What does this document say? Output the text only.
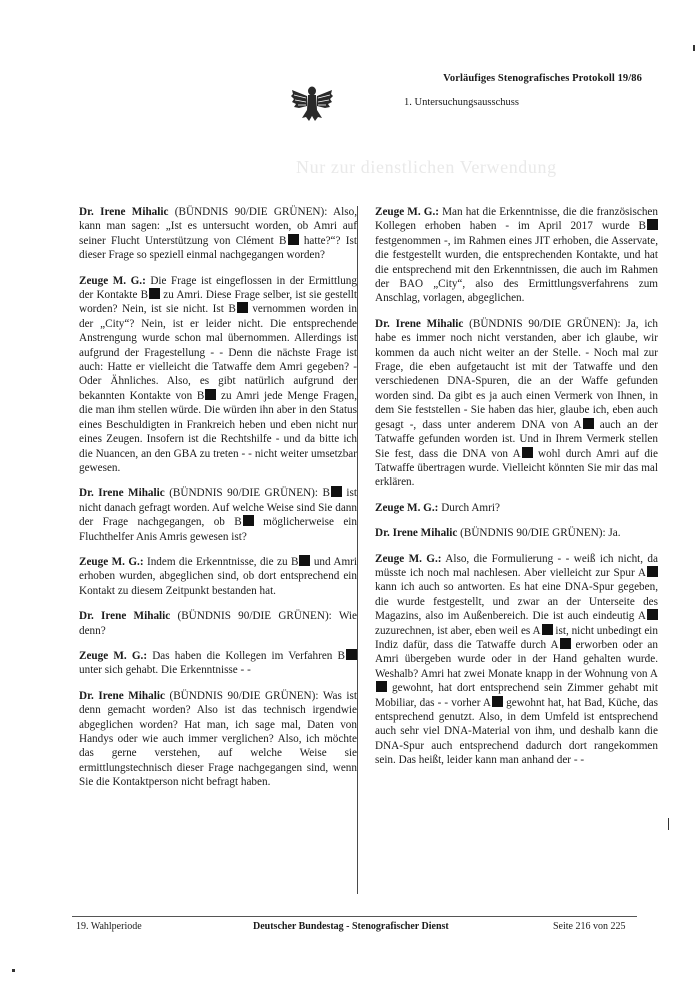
Vorläufiges Stenografisches Protokoll 19/86
1. Untersuchungsausschuss
Nur zur dienstlichen Verwendung
Dr. Irene Mihalic (BÜNDNIS 90/DIE GRÜNEN): Also, kann man sagen: „Ist es untersucht worden, ob Amri auf seiner Flucht Unterstützung von Clément B hatte?“? Ist dieser Frage so speziell einmal nachgegangen worden?
Zeuge M. G.: Die Frage ist eingeflossen in der Ermittlung der Kontakte B zu Amri. Diese Frage selber, ist sie gestellt worden? Nein, ist sie nicht. Ist B vernommen worden in der „City“? Nein, ist er leider nicht. Die entsprechende Anstrengung wurde schon mal übernommen. Allerdings ist aufgrund der Fragestellung - - Denn die nächste Frage ist auch: Hatte er vielleicht die Tatwaffe dem Amri gegeben? - Oder Ähnliches. Also, es gibt natürlich aufgrund der bekannten Kontakte von B zu Amri jede Menge Fragen, die man ihm stellen würde. Die würden ihn aber in den Status eines Beschuldigten in Frankreich heben und eben nicht nur eines Zeugen. Insofern ist die Rechtshilfe - und da bitte ich die Nuancen, an den GBA zu treten - - nicht weiter umsetzbar gewesen.
Dr. Irene Mihalic (BÜNDNIS 90/DIE GRÜNEN): B ist nicht danach gefragt worden. Auf welche Weise sind Sie dann der Frage nachgegangen, ob B möglicherweise ein Fluchthelfer Anis Amris gewesen ist?
Zeuge M. G.: Indem die Erkenntnisse, die zu B und Amri erhoben wurden, abgeglichen sind, ob dort entsprechend ein Kontakt zu diesem Zeitpunkt bestanden hat.
Dr. Irene Mihalic (BÜNDNIS 90/DIE GRÜNEN): Wie denn?
Zeuge M. G.: Das haben die Kollegen im Verfahren B unter sich gehabt. Die Erkenntnisse - -
Dr. Irene Mihalic (BÜNDNIS 90/DIE GRÜNEN): Was ist denn gemacht worden? Also ist das technisch irgendwie abgeglichen worden? Hat man, ich sage mal, Daten von Handys oder wie auch immer verglichen? Also, ich möchte das gerne verstehen, auf welche Weise sie ermittlungstechnisch dieser Frage nachgegangen sind, wenn Sie die Kontaktperson nicht befragt haben.
Zeuge M. G.: Man hat die Erkenntnisse, die die französischen Kollegen erhoben haben - im April 2017 wurde B festgenommen -, im Rahmen eines JIT erhoben, die Asservate, die festgestellt wurden, die entsprechenden Kontakte, und hat die entsprechend mit den Erkenntnissen, die auch im Rahmen der BAO „City“, also des Ermittlungsverfahrens zum Anschlag, vorlagen, abgeglichen.
Dr. Irene Mihalic (BÜNDNIS 90/DIE GRÜNEN): Ja, ich habe es immer noch nicht verstanden, aber ich glaube, wir kommen da auch nicht weiter an der Stelle. - Noch mal zur Frage, die eben aufgetaucht ist mit der Tatwaffe und den verschiedenen DNA-Spuren, die an der Waffe gefunden worden sind. Da gibt es ja auch einen Vermerk von Ihnen, in dem Sie feststellen - Sie haben das hier, glaube ich, eben auch gesagt -, dass unter anderem DNA von A auch an der Tatwaffe gefunden worden ist. Und in Ihrem Vermerk stellen Sie fest, dass die DNA von A wohl durch Amri auf die Tatwaffe übertragen wurde. Vielleicht könnten Sie mir das mal erklären.
Zeuge M. G.: Durch Amri?
Dr. Irene Mihalic (BÜNDNIS 90/DIE GRÜNEN): Ja.
Zeuge M. G.: Also, die Formulierung - - weiß ich nicht, da müsste ich noch mal nachlesen. Aber vielleicht zur Spur A kann ich auch so antworten. Es hat eine DNA-Spur gegeben, die wurde festgestellt, und zwar an der Unterseite des Magazins, also im Außenbereich. Die ist auch eindeutig A zuzurechnen, ist aber, eben weil es A ist, nicht unbedingt ein Indiz dafür, dass die Tatwaffe durch A erworben oder an Amri übergeben wurde oder in der Hand gehalten wurde. Weshalb? Amri hat zwei Monate knapp in der Wohnung von A gewohnt, hat dort entsprechend sein Zimmer gehabt mit Mobiliar, das - - vorher A gewohnt hat, hat Bad, Küche, das entsprechend genutzt. Also, in dem Umfeld ist entsprechend auch sehr viel DNA-Material von ihm, und deshalb kann die DNA-Spur auch entsprechend dadurch dort rangekommen sein. Das heißt, leider kann man anhand der - -
19. Wahlperiode	Deutscher Bundestag - Stenografischer Dienst	Seite 216 von 225
